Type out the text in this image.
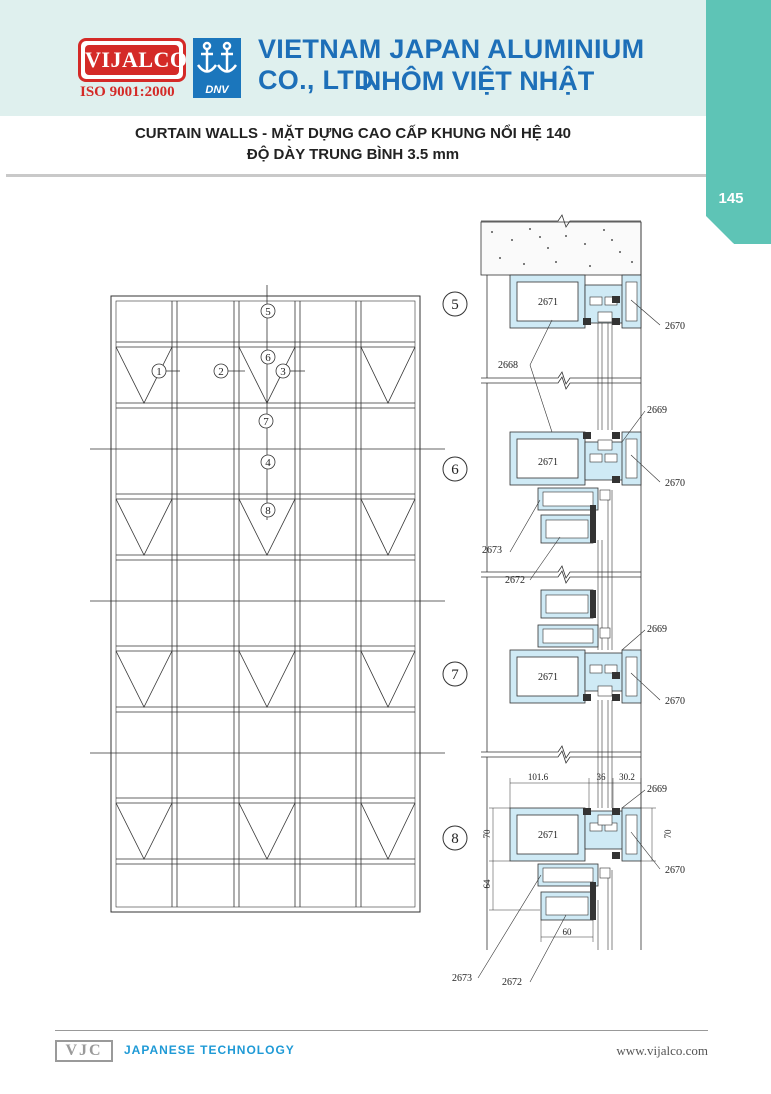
145
VIJALCO
ISO 9001:2000	DNV
VIETNAM JAPAN ALUMINIUM CO., LTD.
NHÔM VIỆT NHẬT
CURTAIN WALLS - MẶT DỰNG CAO CẤP KHUNG NỔI HỆ 140
ĐỘ DÀY TRUNG BÌNH 3.5 mm
5
6
1	2	3
7
4
8
5
6
7
8
2671
2671
2671
2671
2670
2670
2670
2670
2668
2669
2669
2669
2673
2672
2673	2672
101.6	36 30.2
70
64
70
60
VJC	JAPANESE TECHNOLOGY	www.vijalco.com
